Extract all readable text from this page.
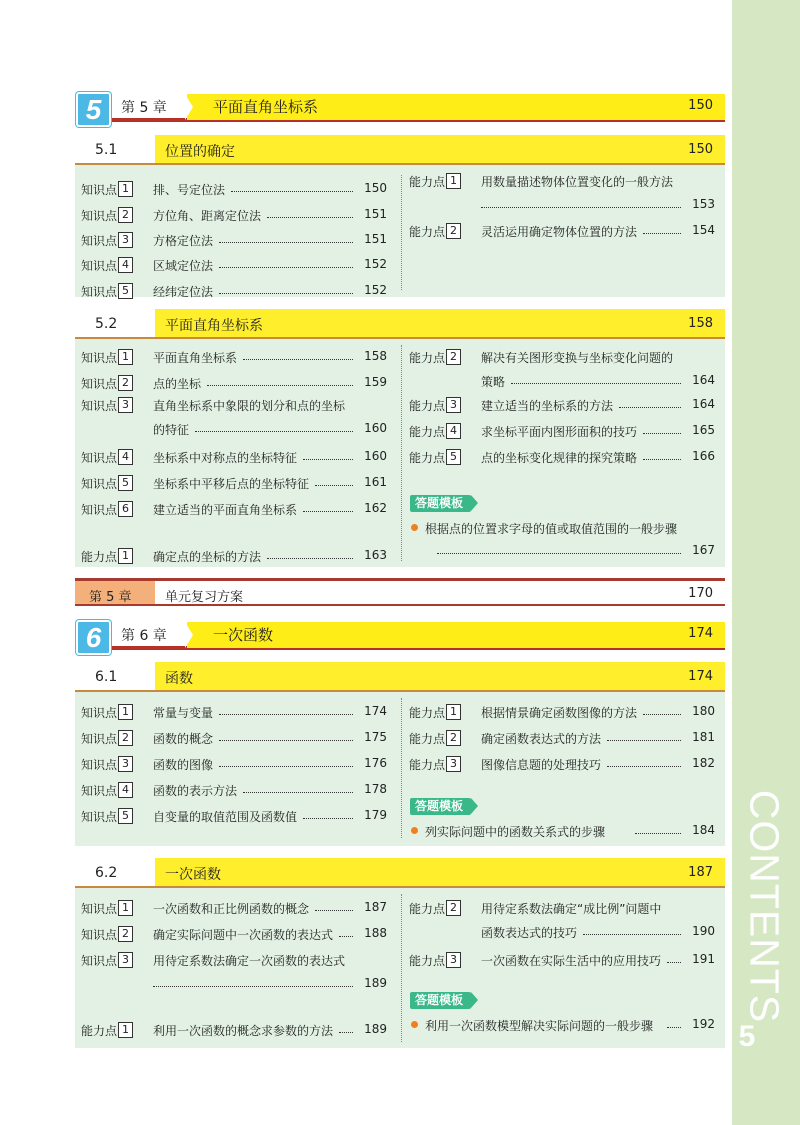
CONTENTS
5
5	第 5 章	平面直角坐标系	150
5.1	位置的确定	150
知识点 1	排、号定位法	150
知识点 2	方位角、距离定位法	151
知识点 3	方格定位法	151
知识点 4	区域定位法	152
知识点 5	经纬定位法	152
能力点 1	用数量描述物体位置变化的一般方法
153
能力点 2	灵活运用确定物体位置的方法	154
5.2	平面直角坐标系	158
知识点 1	平面直角坐标系	158
知识点 2	点的坐标	159
知识点 3	直角坐标系中象限的划分和点的坐标
的特征	160
知识点 4	坐标系中对称点的坐标特征	160
知识点 5	坐标系中平移后点的坐标特征	161
知识点 6	建立适当的平面直角坐标系	162
能力点 1	确定点的坐标的方法	163
能力点 2	解决有关图形变换与坐标变化问题的
策略	164
能力点 3	建立适当的坐标系的方法	164
能力点 4	求坐标平面内图形面积的技巧	165
能力点 5	点的坐标变化规律的探究策略	166
答题模板
根据点的位置求字母的值或取值范围的一般步骤
167
第 5 章	单元复习方案	170
6	第 6 章	一次函数	174
6.1	函数	174
知识点 1	常量与变量	174
知识点 2	函数的概念	175
知识点 3	函数的图像	176
知识点 4	函数的表示方法	178
知识点 5	自变量的取值范围及函数值	179
能力点 1	根据情景确定函数图像的方法	180
能力点 2	确定函数表达式的方法	181
能力点 3	图像信息题的处理技巧	182
答题模板
列实际问题中的函数关系式的步骤	184
6.2	一次函数	187
知识点 1	一次函数和正比例函数的概念	187
知识点 2	确定实际问题中一次函数的表达式	188
知识点 3	用待定系数法确定一次函数的表达式
189
能力点 1	利用一次函数的概念求参数的方法	189
能力点 2	用待定系数法确定“成比例”问题中
函数表达式的技巧	190
能力点 3	一次函数在实际生活中的应用技巧	191
答题模板
利用一次函数模型解决实际问题的一般步骤	192
